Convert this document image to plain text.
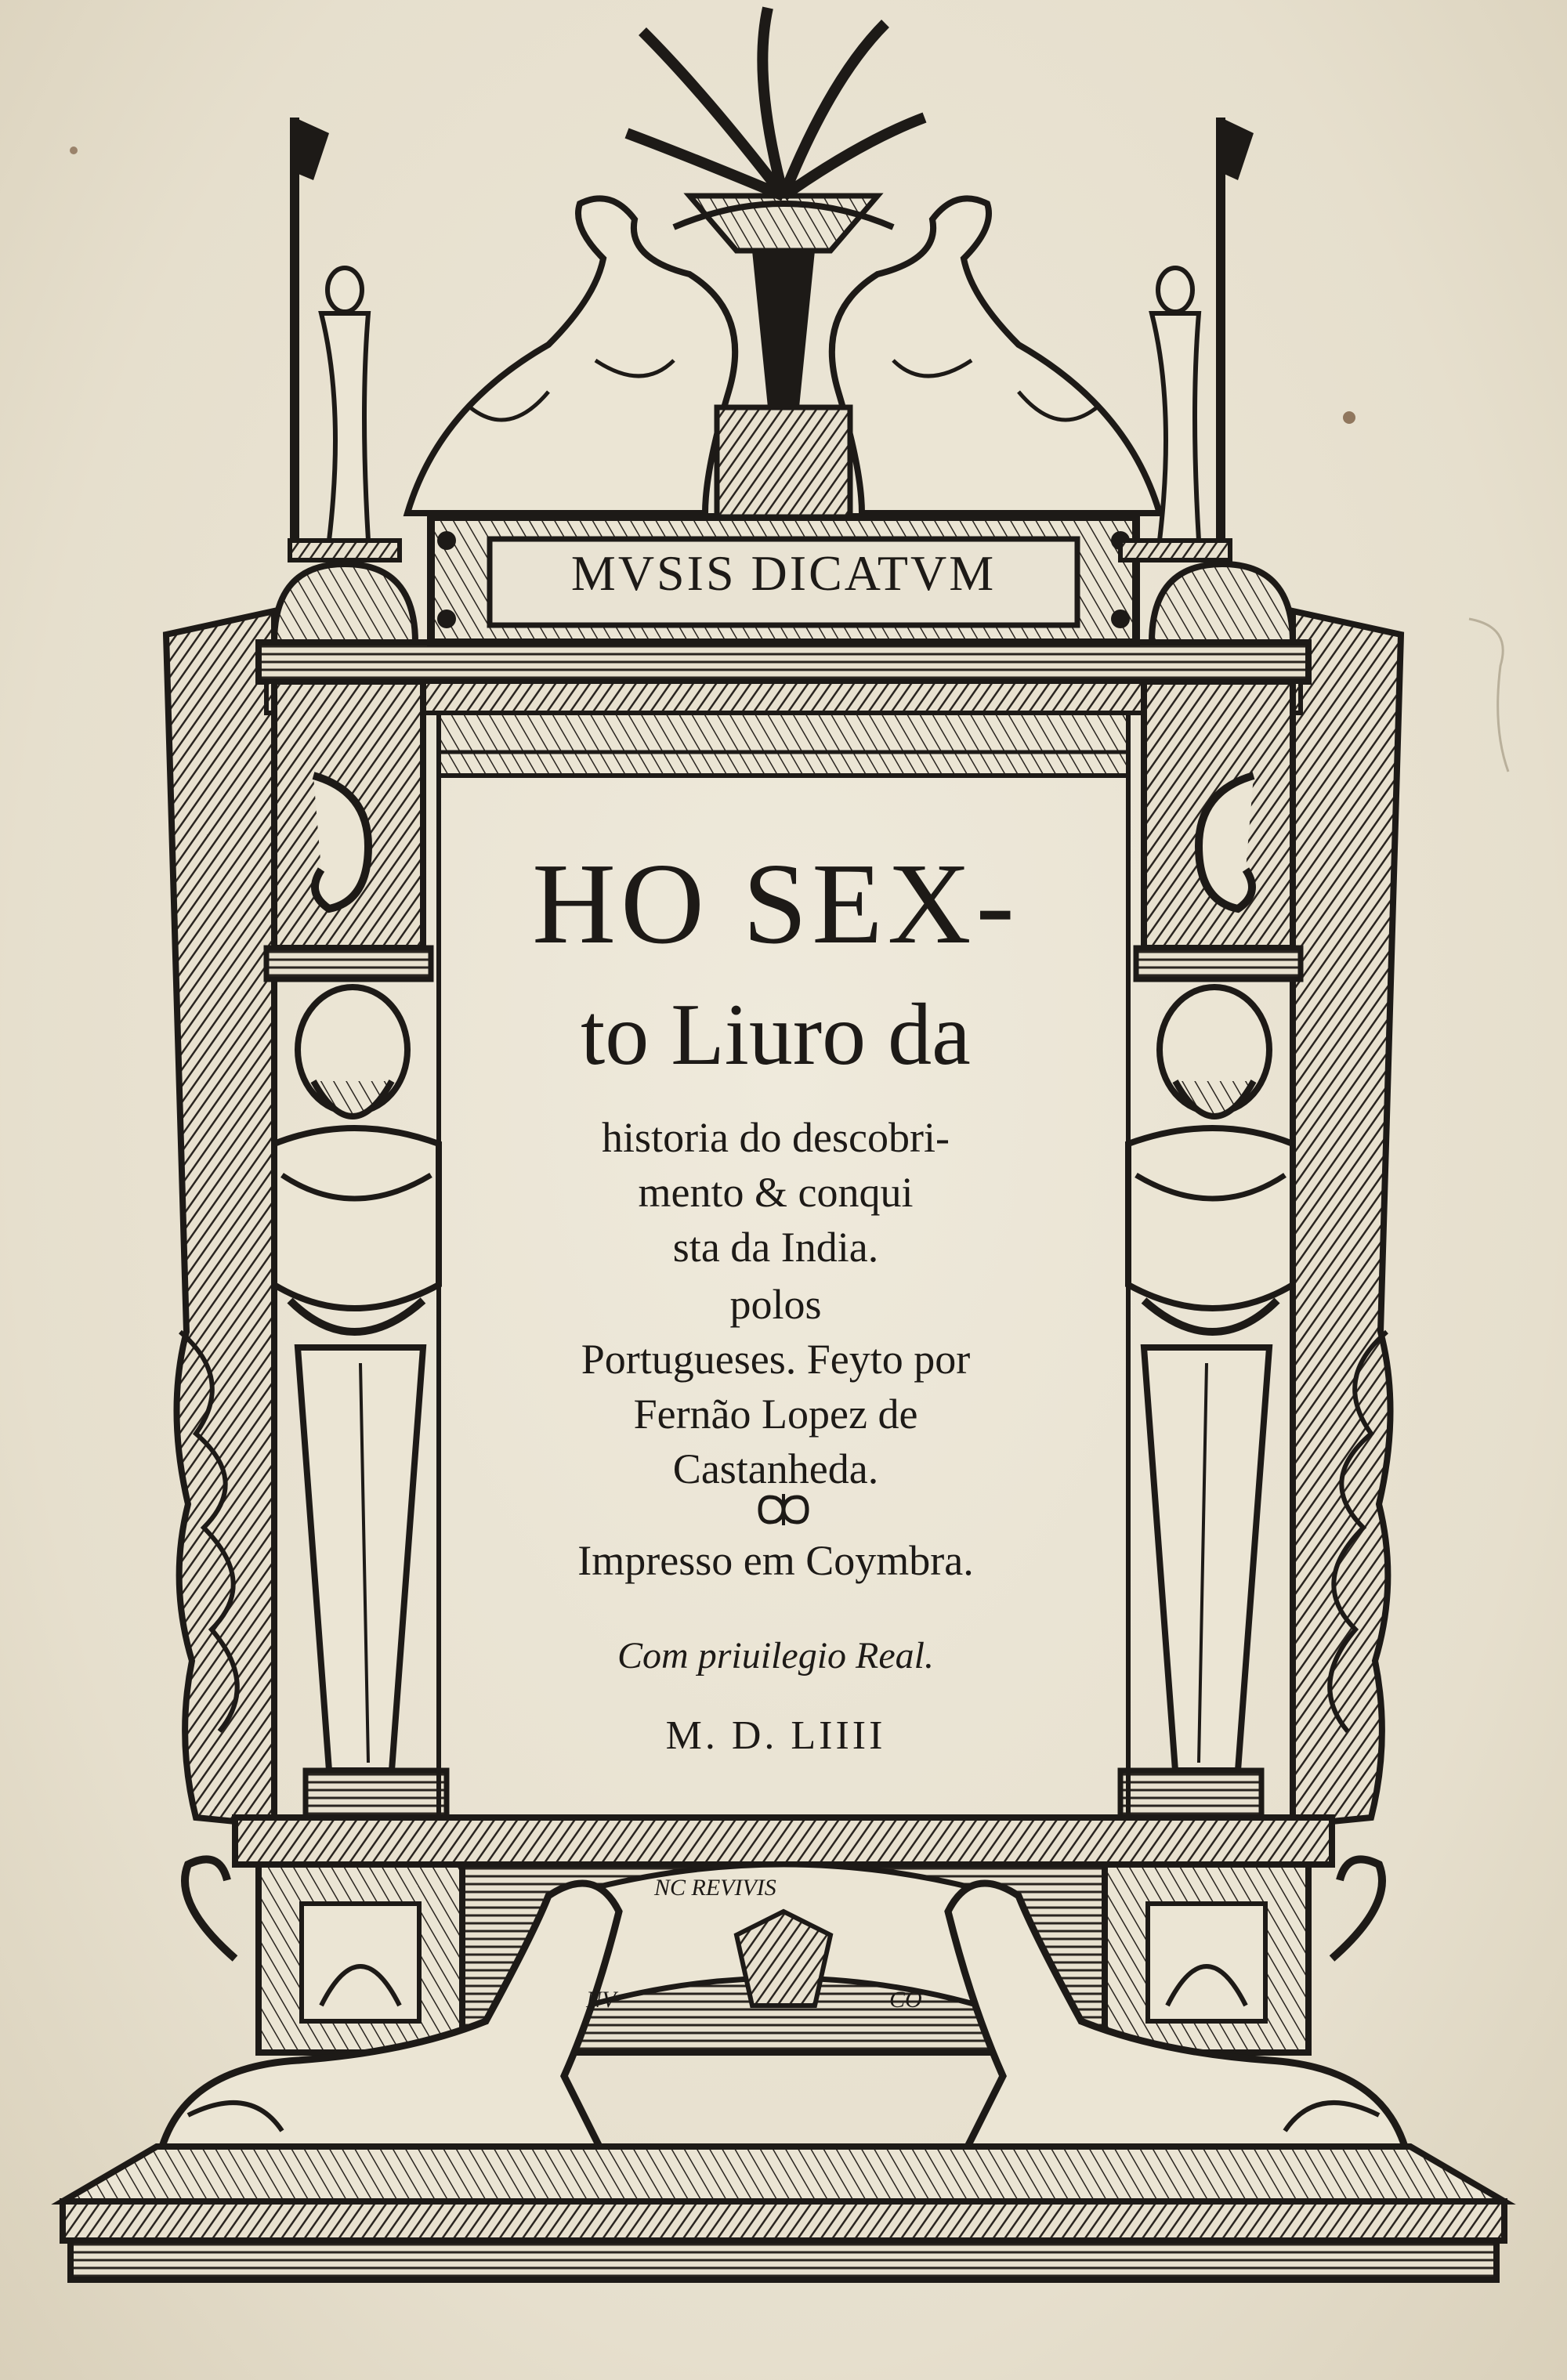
MVSIS DICATVM
HO SEX-
to Liuro da
historia do descobri-
mento & conqui
sta da India.
polos
Portugueses. Feyto por
Fernão Lopez de
Castanheda.
Impresso em Coymbra.
Com priuilegio Real.
M. D. LIIII
NC REVIVIS
NV	CO
